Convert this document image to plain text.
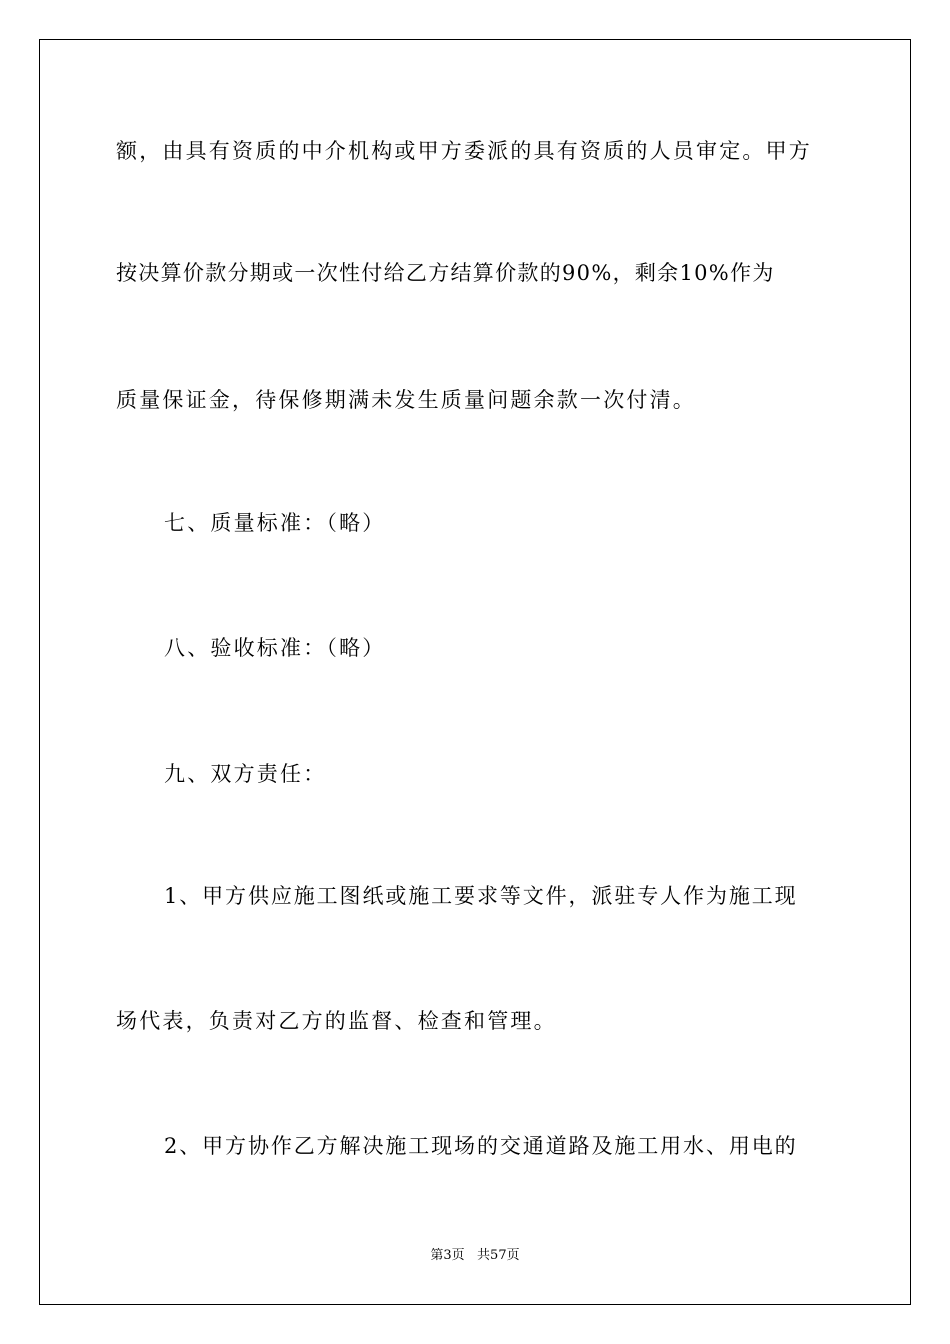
额，由具有资质的中介机构或甲方委派的具有资质的人员审定。甲方
按决算价款分期或一次性付给乙方结算价款的90%，剩余10%作为
质量保证金，待保修期满未发生质量问题余款一次付清。
七、质量标准：（略）
八、验收标准：（略）
九、双方责任：
1、甲方供应施工图纸或施工要求等文件，派驻专人作为施工现
场代表，负责对乙方的监督、检查和管理。
2、甲方协作乙方解决施工现场的交通道路及施工用水、用电的
第3页   共57页
